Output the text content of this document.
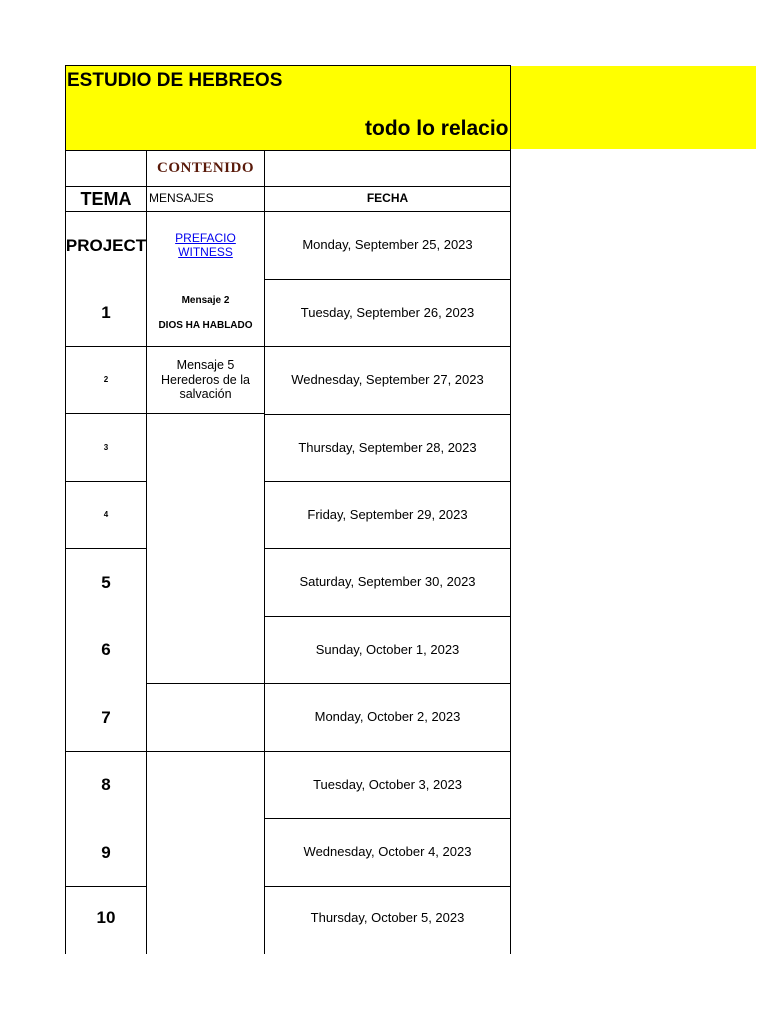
ESTUDIO DE HEBREOS
todo lo relacio
CONTENIDO
TEMA	MENSAJES	FECHA
PROJECT
1
2
3
4
5
6
7
8
9
10
PREFACIO WITNESS
Mensaje 2
DIOS HA HABLADO
Mensaje 5
Herederos de la
salvación
Monday, September 25, 2023
Tuesday, September 26, 2023
Wednesday, September 27, 2023
Thursday, September 28, 2023
Friday, September 29, 2023
Saturday, September 30, 2023
Sunday, October 1, 2023
Monday, October 2, 2023
Tuesday, October 3, 2023
Wednesday, October 4, 2023
Thursday, October 5, 2023
